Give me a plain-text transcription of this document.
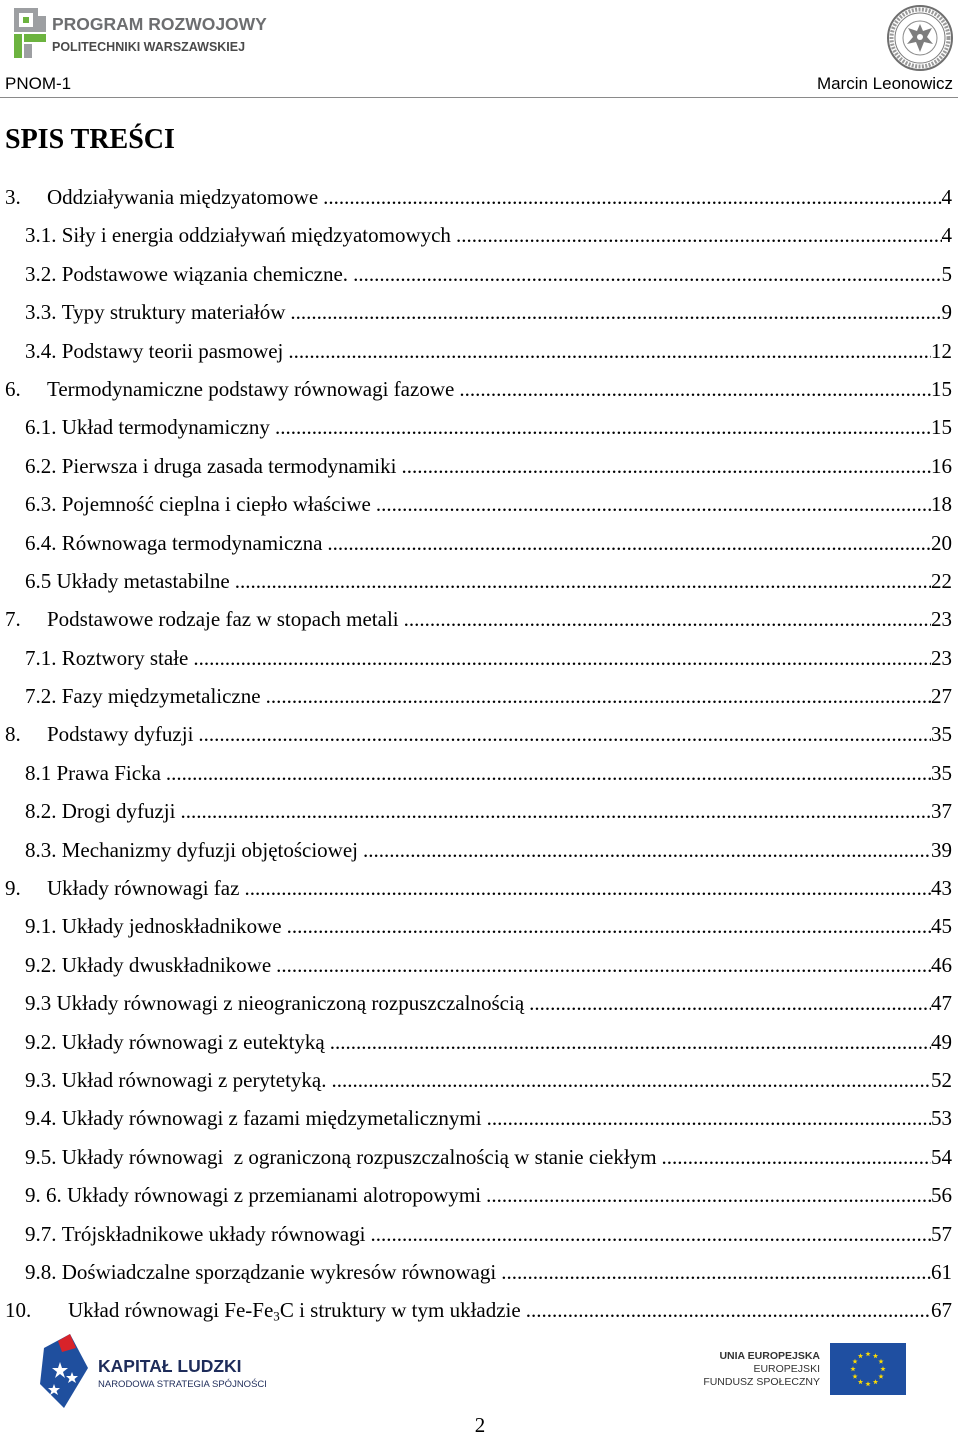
PROGRAM ROZWOJOWY
POLITECHNIKI WARSZAWSKIEJ
PNOM-1	Marcin Leonowicz
SPIS TREŚCI
3.	Oddziaływania międzyatomowe .....	4
3.1. Siły i energia oddziaływań międzyatomowych .....	4
3.2. Podstawowe wiązania chemiczne. .....	5
3.3. Typy struktury materiałów .....	9
3.4. Podstawy teorii pasmowej .....	12
6.	Termodynamiczne podstawy równowagi fazowe .....	15
6.1. Układ termodynamiczny .....	15
6.2. Pierwsza i druga zasada termodynamiki .....	16
6.3. Pojemność cieplna i ciepło właściwe .....	18
6.4. Równowaga termodynamiczna .....	20
6.5 Układy metastabilne .....	22
7.	Podstawowe rodzaje faz w stopach metali .....	23
7.1. Roztwory stałe .....	23
7.2. Fazy międzymetaliczne .....	27
8.	Podstawy dyfuzji .....	35
8.1 Prawa Ficka .....	35
8.2. Drogi dyfuzji .....	37
8.3. Mechanizmy dyfuzji objętościowej .....	39
9.	Układy równowagi faz .....	43
9.1. Układy jednoskładnikowe .....	45
9.2. Układy dwuskładnikowe .....	46
9.3 Układy równowagi z nieograniczoną rozpuszczalnością .....	47
9.2. Układy równowagi z eutektyką .....	49
9.3. Układ równowagi z perytetyką. .....	52
9.4. Układy równowagi z fazami międzymetalicznymi .....	53
9.5. Układy równowagi  z ograniczoną rozpuszczalnością w stanie ciekłym .....	54
9. 6. Układy równowagi z przemianami alotropowymi .....	56
9.7. Trójskładnikowe układy równowagi .....	57
9.8. Doświadczalne sporządzanie wykresów równowagi .....	61
10.	Układ równowagi $Fe-Fe_3C$ i struktury w tym układzie .....	67
KAPITAŁ LUDZKI
NARODOWA STRATEGIA SPÓJNOŚCI
UNIA EUROPEJSKA
EUROPEJSKI
FUNDUSZ SPOŁECZNY
2
